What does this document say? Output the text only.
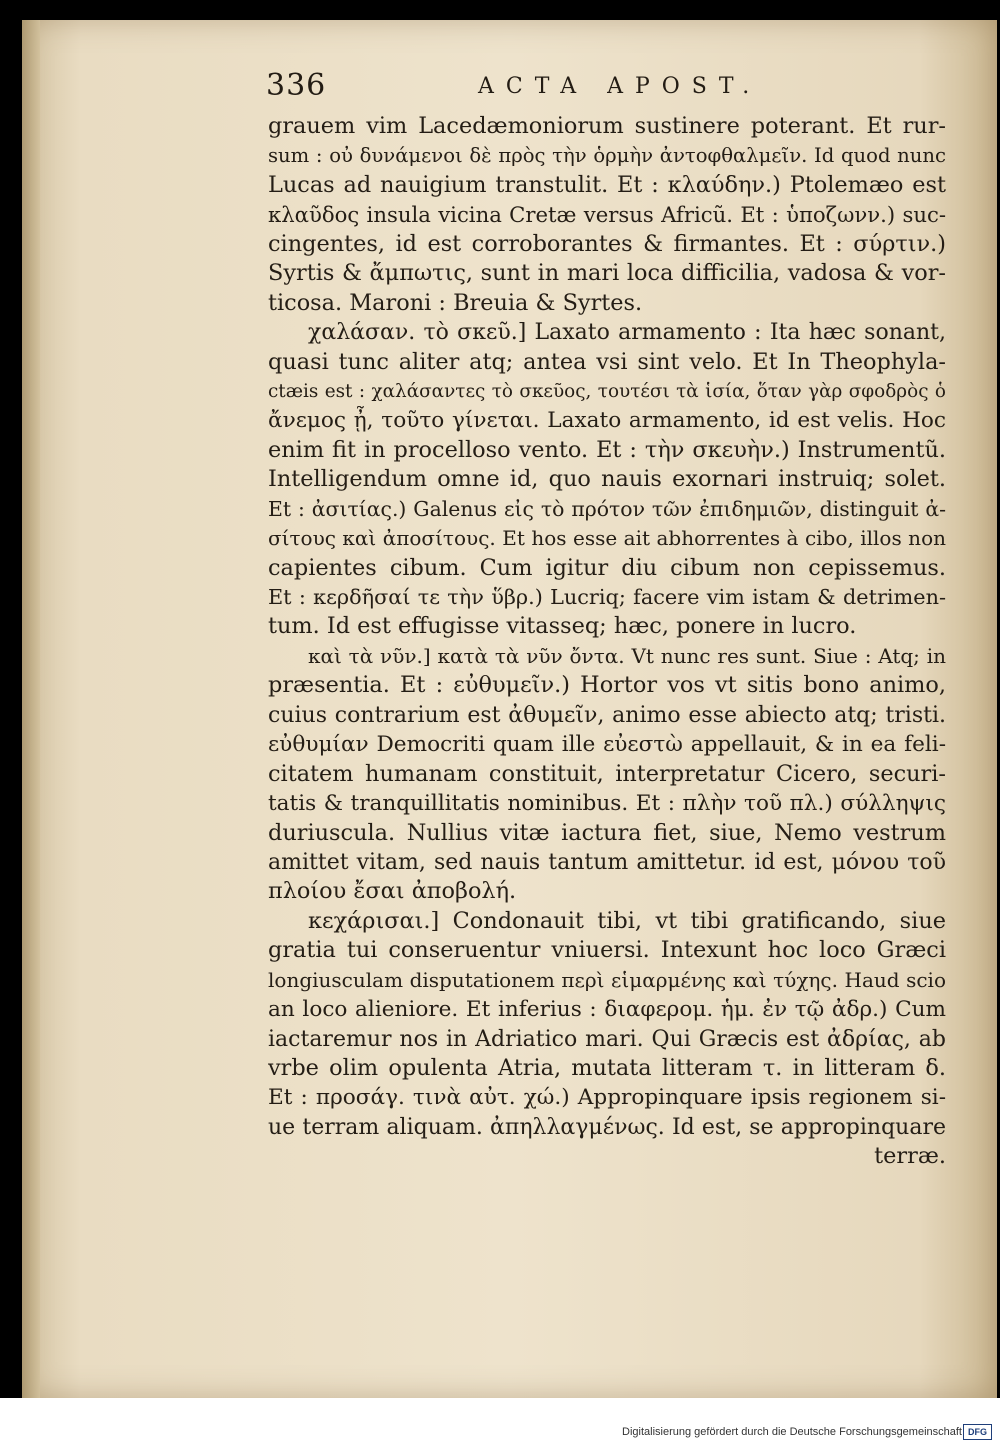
336	ACTA APOST.
grauem vim Lacedæmoniorum sustinere poterant. Et rur-
sum : οὐ δυνάμενοι δὲ πρὸς τὴν ὁρμὴν ἀντοφθαλμεῖν. Id quod nunc
Lucas ad nauigium transtulit. Et : κλαύδην.) Ptolemæo est
κλαῦδος insula vicina Cretæ versus Africũ. Et : ὑποζωνν.) suc-
cingentes, id est corroborantes & firmantes. Et : σύρτιν.)
Syrtis & ἄμπωτις, sunt in mari loca difficilia, vadosa & vor-
ticosa. Maroni : Breuia & Syrtes.
χαλάσαν. τὸ σκεῦ.] Laxato armamento : Ita hæc sonant,
quasi tunc aliter atq; antea vsi sint velo. Et In Theophyla-
ctæis est : χαλάσαντες τὸ σκεῦος, τουτέσι τὰ ἱσία, ὅταν γὰρ σφοδρὸς ὁ
ἄνεμος ᾖ, τοῦτο γίνεται. Laxato armamento, id est velis. Hoc
enim fit in procelloso vento. Et : τὴν σκευὴν.) Instrumentũ.
Intelligendum omne id, quo nauis exornari instruiq; solet.
Et : ἀσιτίας.) Galenus εἰς τὸ πρότον τῶν ἐπιδημιῶν, distinguit ἀ-
σίτους καὶ ἀποσίτους. Et hos esse ait abhorrentes à cibo, illos non
capientes cibum. Cum igitur diu cibum non cepissemus.
Et : κερδῆσαί τε τὴν ὕβρ.) Lucriq; facere vim istam & detrimen-
tum. Id est effugisse vitasseq; hæc, ponere in lucro.
καὶ τὰ νῦν.] κατὰ τὰ νῦν ὄντα. Vt nunc res sunt. Siue : Atq; in
præsentia. Et : εὐθυμεῖν.) Hortor vos vt sitis bono animo,
cuius contrarium est ἀθυμεῖν, animo esse abiecto atq; tristi.
εὐθυμίαν Democriti quam ille εὐεστὼ appellauit, & in ea feli-
citatem humanam constituit, interpretatur Cicero, securi-
tatis & tranquillitatis nominibus. Et : πλὴν τοῦ πλ.) σύλληψις
duriuscula. Nullius vitæ iactura fiet, siue, Nemo vestrum
amittet vitam, sed nauis tantum amittetur. id est, μόνου τοῦ
πλοίου ἔσαι ἀποβολή.
κεχάρισαι.] Condonauit tibi, vt tibi gratificando, siue
gratia tui conseruentur vniuersi. Intexunt hoc loco Græci
longiusculam disputationem περὶ εἱμαρμένης καὶ τύχης. Haud scio
an loco alieniore. Et inferius : διαφερομ. ἡμ. ἐν τῷ ἀδρ.) Cum
iactaremur nos in Adriatico mari. Qui Græcis est ἀδρίας, ab
vrbe olim opulenta Atria, mutata litteram τ. in litteram δ.
Et : προσάγ. τινὰ αὐτ. χώ.) Appropinquare ipsis regionem si-
ue terram aliquam. ἀπηλλαγμένως. Id est, se appropinquare
terræ.
Digitalisierung gefördert durch die Deutsche Forschungsgemeinschaft DFG
